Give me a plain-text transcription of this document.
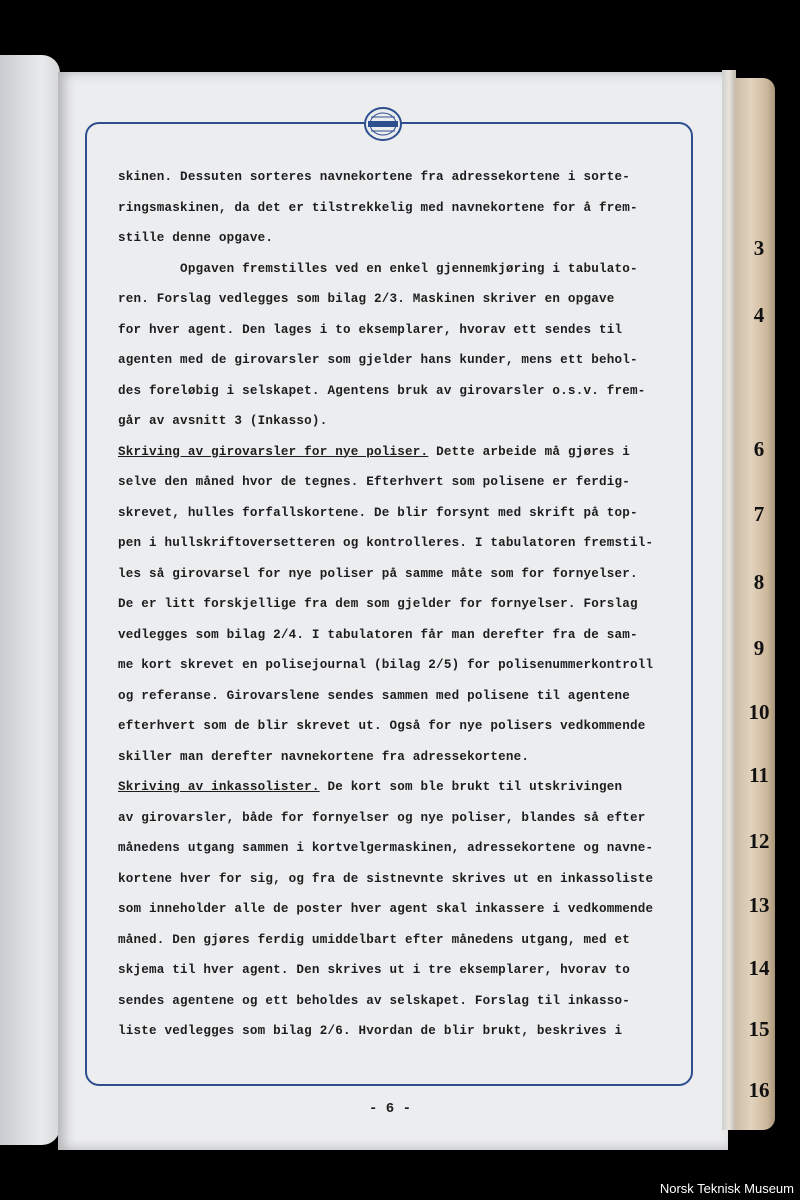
3
4
6
7
8
9
10
11
12
13
14
15
16
skinen. Dessuten sorteres navnekortene fra adressekortene i sorte-
ringsmaskinen, da det er tilstrekkelig med navnekortene for å frem-
stille denne opgave.
Opgaven fremstilles ved en enkel gjennemkjøring i tabulato-
ren. Forslag vedlegges som bilag 2/3. Maskinen skriver en opgave
for hver agent. Den lages i to eksemplarer, hvorav ett sendes til
agenten med de girovarsler som gjelder hans kunder, mens ett behol-
des foreløbig i selskapet. Agentens bruk av girovarsler o.s.v. frem-
går av avsnitt 3 (Inkasso).
Skriving av girovarsler for nye poliser. Dette arbeide må gjøres i
selve den måned hvor de tegnes. Efterhvert som polisene er ferdig-
skrevet, hulles forfallskortene. De blir forsynt med skrift på top-
pen i hullskriftoversetteren og kontrolleres. I tabulatoren fremstil-
les så girovarsel for nye poliser på samme måte som for fornyelser.
De er litt forskjellige fra dem som gjelder for fornyelser. Forslag
vedlegges som bilag 2/4. I tabulatoren får man derefter fra de sam-
me kort skrevet en polisejournal (bilag 2/5) for polisenummerkontroll
og referanse. Girovarslene sendes sammen med polisene til agentene
efterhvert som de blir skrevet ut. Også for nye polisers vedkommende
skiller man derefter navnekortene fra adressekortene.
Skriving av inkassolister. De kort som ble brukt til utskrivingen
av girovarsler, både for fornyelser og nye poliser, blandes så efter
månedens utgang sammen i kortvelgermaskinen, adressekortene og navne-
kortene hver for sig, og fra de sistnevnte skrives ut en inkassoliste
som inneholder alle de poster hver agent skal inkassere i vedkommende
måned. Den gjøres ferdig umiddelbart efter månedens utgang, med et
skjema til hver agent. Den skrives ut i tre eksemplarer, hvorav to
sendes agentene og ett beholdes av selskapet. Forslag til inkasso-
liste vedlegges som bilag 2/6. Hvordan de blir brukt, beskrives i
- 6 -
Norsk Teknisk Museum
